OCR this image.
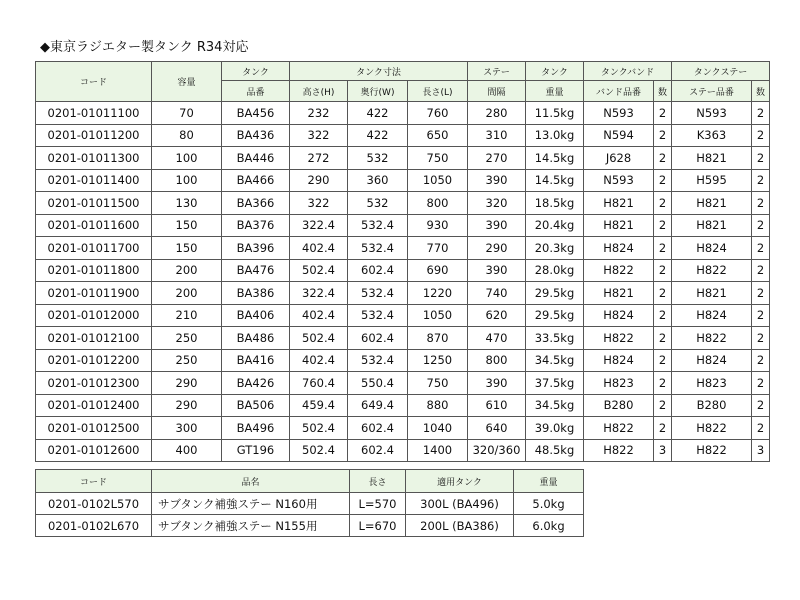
◆東京ラジエター製タンク R34対応
コード	容量	タンク	タンク寸法			ステー	タンク	タンクバンド		タンクステー	
		品番	高さ(H)	奥行(W)	長さ(L)	間隔	重量	バンド品番	数	ステー品番	数
0201-01011100	70	BA456	232	422	760	280	11.5kg	N593	2	N593	2
0201-01011200	80	BA436	322	422	650	310	13.0kg	N594	2	K363	2
0201-01011300	100	BA446	272	532	750	270	14.5kg	J628	2	H821	2
0201-01011400	100	BA466	290	360	1050	390	14.5kg	N593	2	H595	2
0201-01011500	130	BA366	322	532	800	320	18.5kg	H821	2	H821	2
0201-01011600	150	BA376	322.4	532.4	930	390	20.4kg	H821	2	H821	2
0201-01011700	150	BA396	402.4	532.4	770	290	20.3kg	H824	2	H824	2
0201-01011800	200	BA476	502.4	602.4	690	390	28.0kg	H822	2	H822	2
0201-01011900	200	BA386	322.4	532.4	1220	740	29.5kg	H821	2	H821	2
0201-01012000	210	BA406	402.4	532.4	1050	620	29.5kg	H824	2	H824	2
0201-01012100	250	BA486	502.4	602.4	870	470	33.5kg	H822	2	H822	2
0201-01012200	250	BA416	402.4	532.4	1250	800	34.5kg	H824	2	H824	2
0201-01012300	290	BA426	760.4	550.4	750	390	37.5kg	H823	2	H823	2
0201-01012400	290	BA506	459.4	649.4	880	610	34.5kg	B280	2	B280	2
0201-01012500	300	BA496	502.4	602.4	1040	640	39.0kg	H822	2	H822	2
0201-01012600	400	GT196	502.4	602.4	1400	320/360	48.5kg	H822	3	H822	3
コード	品名	長さ	適用タンク	重量
0201-0102L570	サブタンク補強ステー N160用	L=570	300L (BA496)	5.0kg
0201-0102L670	サブタンク補強ステー N155用	L=670	200L (BA386)	6.0kg
